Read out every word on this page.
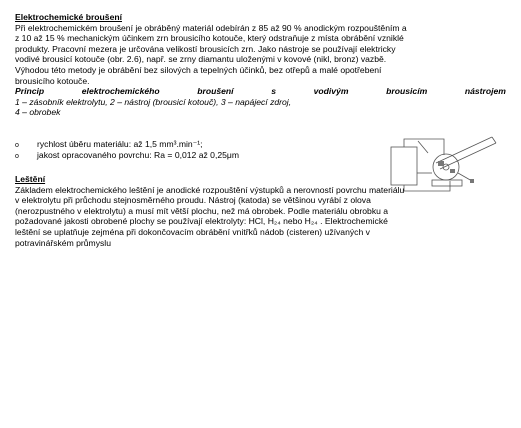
Elektrochemické broušení
Při elektrochemickém broušení je obráběný materiál odebírán z 85 až 90 % anodickým rozpouštěním a
z 10 až 15 % mechanickým účinkem zrn brousicího kotouče, který odstraňuje z místa obrábění vzniklé
produkty. Pracovní mezera je určována velikostí brousicích zrn. Jako nástroje se používají elektricky
vodivé brousicí kotouče (obr. 2.6), např. se zrny diamantu uloženými v kovové (nikl, bronz) vazbě.
Výhodou této metody je obrábění bez silových a tepelných účinků, bez otřepů a malé opotřebení
brousicího kotouče.
Princip	elektrochemického	broušení	s	vodivým	brousicím	nástrojem
1 – zásobník elektrolytu, 2 – nástroj (brousicí kotouč), 3 – napájecí zdroj,
4 – obrobek
o	rychlost úběru materiálu: až 1,5 mm³.min⁻¹;
o	jakost opracovaného povrchu: Ra = 0,012 až 0,25μm
Leštění
Základem elektrochemického leštění je anodické rozpouštění výstupků a nerovností povrchu materiálu
v elektrolytu při průchodu stejnosměrného proudu. Nástroj (katoda) se většinou vyrábí z olova
(nerozpustného v elektrolytu) a musí mít větší plochu, než má obrobek. Podle materiálu obrobku a
požadované jakosti obrobené plochy se používají elektrolyty: HCl, H₂₄ nebo H₂₄ . Elektrochemické
leštění se uplatňuje zejména při dokončovacím obrábění vnitřků nádob (cisteren) užívaných v
potravinářském průmyslu
